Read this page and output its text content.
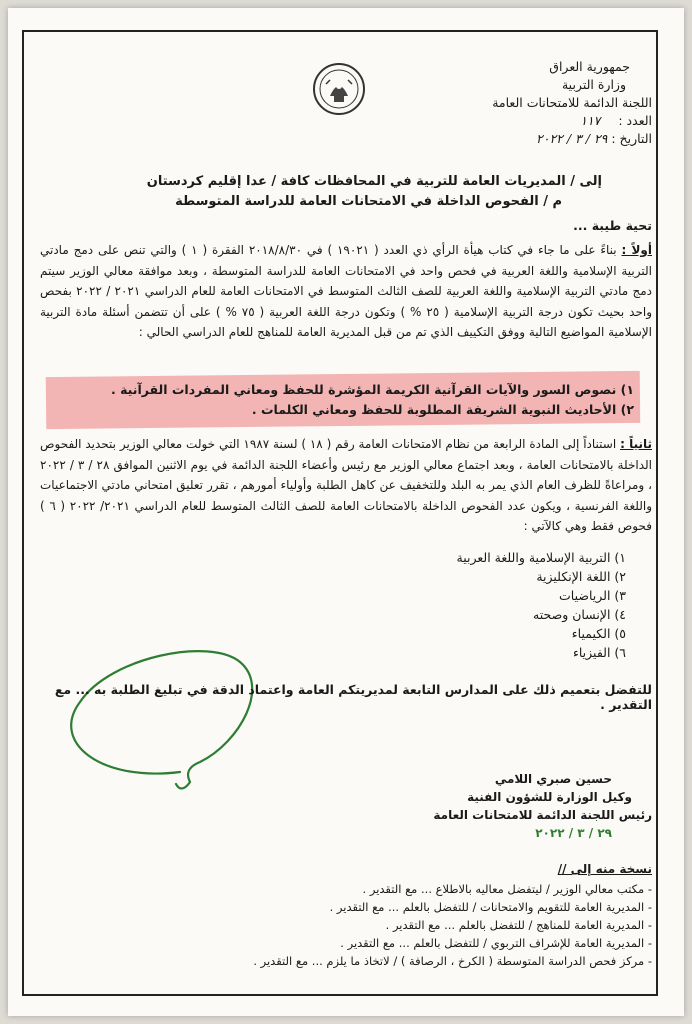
جمهورية العراق
وزارة التربية
اللجنة الدائمة للامتحانات العامة
العدد : ١١٧
التاريخ : ٢٩ / ٣ / ٢٠٢٢
إلى / المديريات العامة للتربية في المحافظات كافة / عدا إقليم كردستان
م / الفحوص الداخلة في الامتحانات العامة للدراسة المتوسطة
تحية طيبة ...
أولاً : بناءً على ما جاء في كتاب هيأة الرأي ذي العدد ( ١٩٠٢١ ) في ٢٠١٨/٨/٣٠ الفقرة ( ١ ) والتي تنص على دمج مادتي التربية الإسلامية واللغة العربية في فحص واحد في الامتحانات العامة للدراسة المتوسطة ، وبعد موافقة معالي الوزير سيتم دمج مادتي التربية الإسلامية واللغة العربية للصف الثالث المتوسط في الامتحانات العامة للعام الدراسي ٢٠٢١ / ٢٠٢٢ بفحص واحد بحيث تكون درجة التربية الإسلامية ( ٢٥ % ) وتكون درجة اللغة العربية ( ٧٥ % ) على أن تتضمن أسئلة مادة التربية الإسلامية المواضيع التالية ووفق التكييف الذي تم من قبل المديرية العامة للمناهج للعام الدراسي الحالي :
١) نصوص السور والآيات القرآنية الكريمة المؤشرة للحفظ ومعاني المفردات القرآنية .
٢) الأحاديث النبوية الشريفة المطلوبة للحفظ ومعاني الكلمات .
ثانياً : استناداً إلى المادة الرابعة من نظام الامتحانات العامة رقم ( ١٨ ) لسنة ١٩٨٧ التي خولت معالي الوزير بتحديد الفحوص الداخلة بالامتحانات العامة ، وبعد اجتماع معالي الوزير مع رئيس وأعضاء اللجنة الدائمة في يوم الاثنين الموافق ٢٨ / ٣ / ٢٠٢٢ ، ومراعاةً للظرف العام الذي يمر به البلد وللتخفيف عن كاهل الطلبة وأولياء أمورهم ، تقرر تعليق امتحاني مادتي الاجتماعيات واللغة الفرنسية ، ويكون عدد الفحوص الداخلة بالامتحانات العامة للصف الثالث المتوسط للعام الدراسي ٢٠٢١/ ٢٠٢٢ ( ٦ ) فحوص فقط وهي كالآتي :
١) التربية الإسلامية واللغة العربية
٢) اللغة الإنكليزية
٣) الرياضيات
٤) الإنسان وصحته
٥) الكيمياء
٦) الفيزياء
للتفضل بتعميم ذلك على المدارس التابعة لمديريتكم العامة واعتماد الدقة في تبليغ الطلبة به ... مع التقدير .
حسين صبري اللامي
وكيل الوزارة للشؤون الفنية
رئيس اللجنة الدائمة للامتحانات العامة
٢٩ / ٣ / ٢٠٢٢
نسخة منه إلى //
- مكتب معالي الوزير / ليتفضل معاليه بالاطلاع ... مع التقدير .
- المديرية العامة للتقويم والامتحانات / للتفضل بالعلم ... مع التقدير .
- المديرية العامة للمناهج / للتفضل بالعلم ... مع التقدير .
- المديرية العامة للإشراف التربوي / للتفضل بالعلم ... مع التقدير .
- مركز فحص الدراسة المتوسطة ( الكرخ ، الرصافة ) / لاتخاذ ما يلزم ... مع التقدير .
